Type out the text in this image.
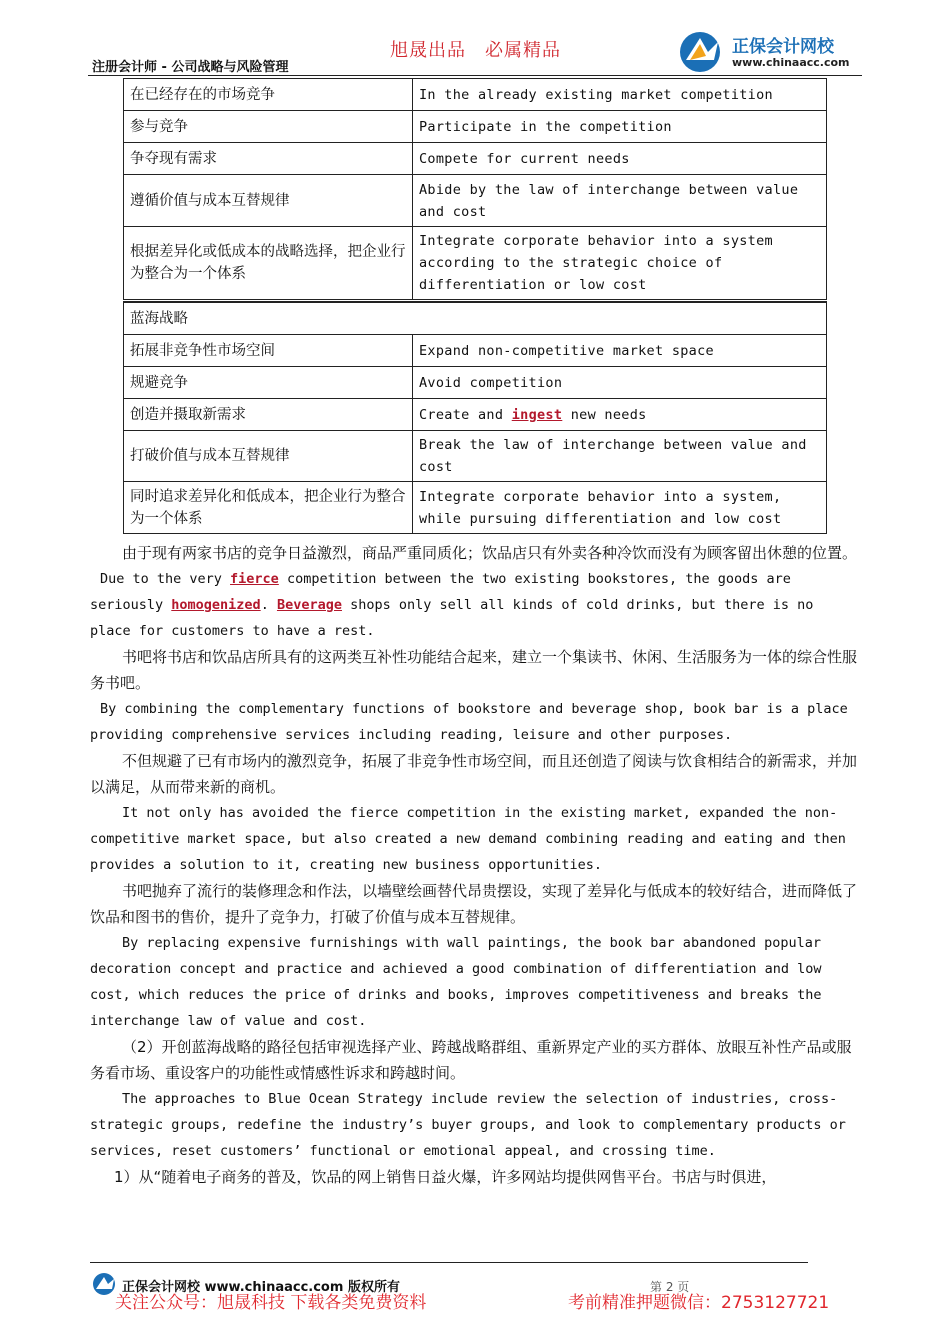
注册会计师 - 公司战略与风险管理
旭晟出品　必属精品	正保会计网校
www.chinaacc.com
在已经存在的市场竞争	In the already existing market competition
参与竞争	Participate in the competition
争夺现有需求	Compete for current needs
遵循价值与成本互替规律	Abide by the law of interchange between value and cost
根据差异化或低成本的战略选择，把企业行为整合为一个体系	Integrate corporate behavior into a system according to the strategic choice of differentiation or low cost

蓝海战略	
拓展非竞争性市场空间	Expand non-competitive market space
规避竞争	Avoid competition
创造并摄取新需求	Create and ingest new needs
打破价值与成本互替规律	Break the law of interchange between value and cost
同时追求差异化和低成本，把企业行为整合为一个体系	Integrate corporate behavior into a system, while pursuing differentiation and low cost

由于现有两家书店的竞争日益激烈，商品严重同质化；饮品店只有外卖各种冷饮而没有为顾客留出休憩的位置。

Due to the very fierce competition between the two existing bookstores, the goods are seriously homogenized. Beverage shops only sell all kinds of cold drinks, but there is no place for customers to have a rest.

书吧将书店和饮品店所具有的这两类互补性功能结合起来，建立一个集读书、休闲、生活服务为一体的综合性服务书吧。

By combining the complementary functions of bookstore and beverage shop, book bar is a place providing comprehensive services including reading, leisure and other purposes.

不但规避了已有市场内的激烈竞争，拓展了非竞争性市场空间，而且还创造了阅读与饮食相结合的新需求，并加以满足，从而带来新的商机。

It not only has avoided the fierce competition in the existing market, expanded the non-competitive market space, but also created a new demand combining reading and eating and then provides a solution to it, creating new business opportunities.

书吧抛弃了流行的装修理念和作法，以墙壁绘画替代昂贵摆设，实现了差异化与低成本的较好结合，进而降低了饮品和图书的售价，提升了竞争力，打破了价值与成本互替规律。

By replacing expensive furnishings with wall paintings, the book bar abandoned popular decoration concept and practice and achieved a good combination of differentiation and low cost, which reduces the price of drinks and books, improves competitiveness and breaks the interchange law of value and cost.

（2）开创蓝海战略的路径包括审视选择产业、跨越战略群组、重新界定产业的买方群体、放眼互补性产品或服务看市场、重设客户的功能性或情感性诉求和跨越时间。

The approaches to Blue Ocean Strategy include review the selection of industries, cross-strategic groups, redefine the industry’s buyer groups, and look to complementary products or services, reset customers’ functional or emotional appeal, and crossing time.

1）从“随着电子商务的普及，饮品的网上销售日益火爆，许多网站均提供网售平台。书店与时俱进，

正保会计网校 www.chinaacc.com 版权所有	第 2 页
关注公众号：旭晟科技 下载各类免费资料	考前精准押题微信：2753127721
